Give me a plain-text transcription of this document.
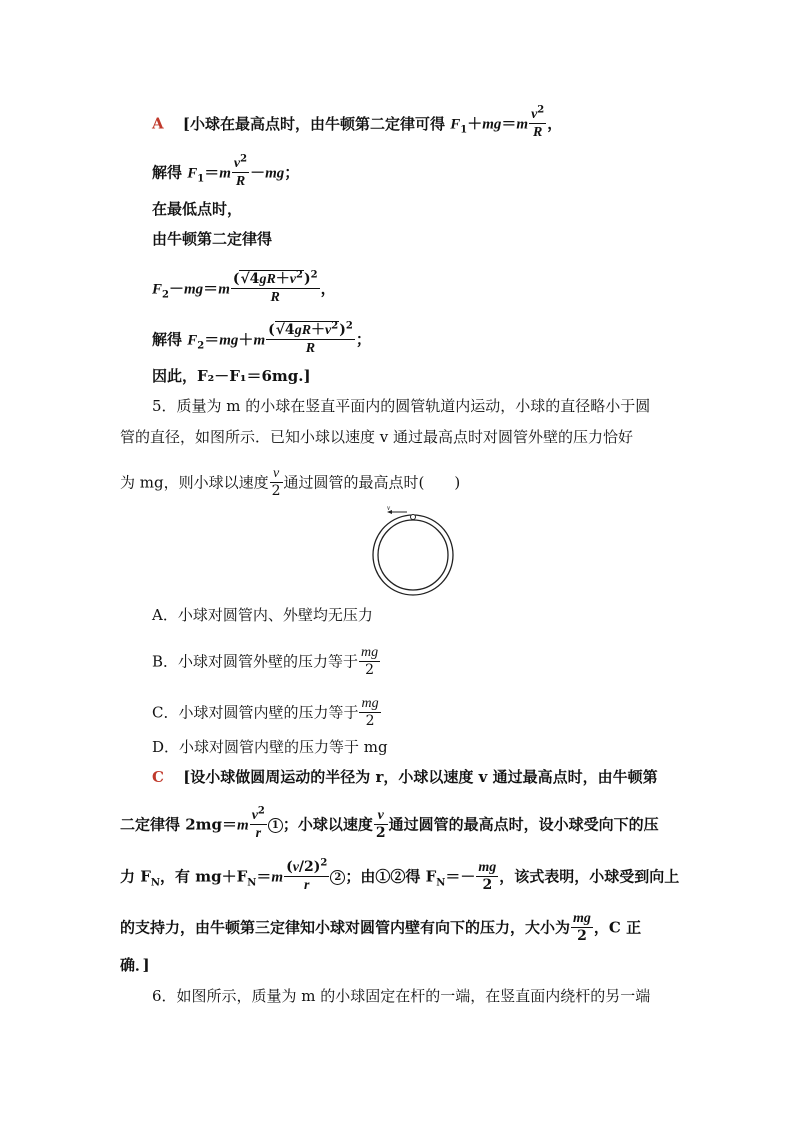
A [小球在最高点时，由牛顿第二定律可得 $F_1+mg=m \frac{v^2}{R}$ ，
解得 $F_1=m \frac{v^2}{R} -mg$；
在最低点时，
由牛顿第二定律得
$F_2-mg=m \frac{(√4gR+v^2)^2}{R}$ ，
解得 $F_2=mg+m \frac{(√4gR+v^2)^2}{R}$ ；
因此，F₂－F₁＝6mg.]
5．质量为 m 的小球在竖直平面内的圆管轨道内运动，小球的直径略小于圆
管的直径，如图所示．已知小球以速度 v 通过最高点时对圆管外壁的压力恰好
为 mg，则小球以速度 $\frac{v}{2}$ 通过圆管的最高点时(　　)
v
A．小球对圆管内、外壁均无压力
B．小球对圆管外壁的压力等于 $\frac{mg}{2}$
C．小球对圆管内壁的压力等于 $\frac{mg}{2}$
D．小球对圆管内壁的压力等于 mg
C [设小球做圆周运动的半径为 r，小球以速度 v 通过最高点时，由牛顿第
二定律得 $2mg=m \frac{v^2}{r} 1$ ；小球以速度 $\frac{v}{2}$ 通过圆管的最高点时，设小球受向下的压
力 $F_N$，有 $mg+F_N=m \frac{(v/2)^2}{r} 2$ ；由①②得 $F_N=- \frac{mg}{2}$ ，该式表明，小球受到向上
的支持力，由牛顿第三定律知小球对圆管内壁有向下的压力，大小为 $\frac{mg}{2}$ ，C 正
确．]
6．如图所示，质量为 m 的小球固定在杆的一端，在竖直面内绕杆的另一端
